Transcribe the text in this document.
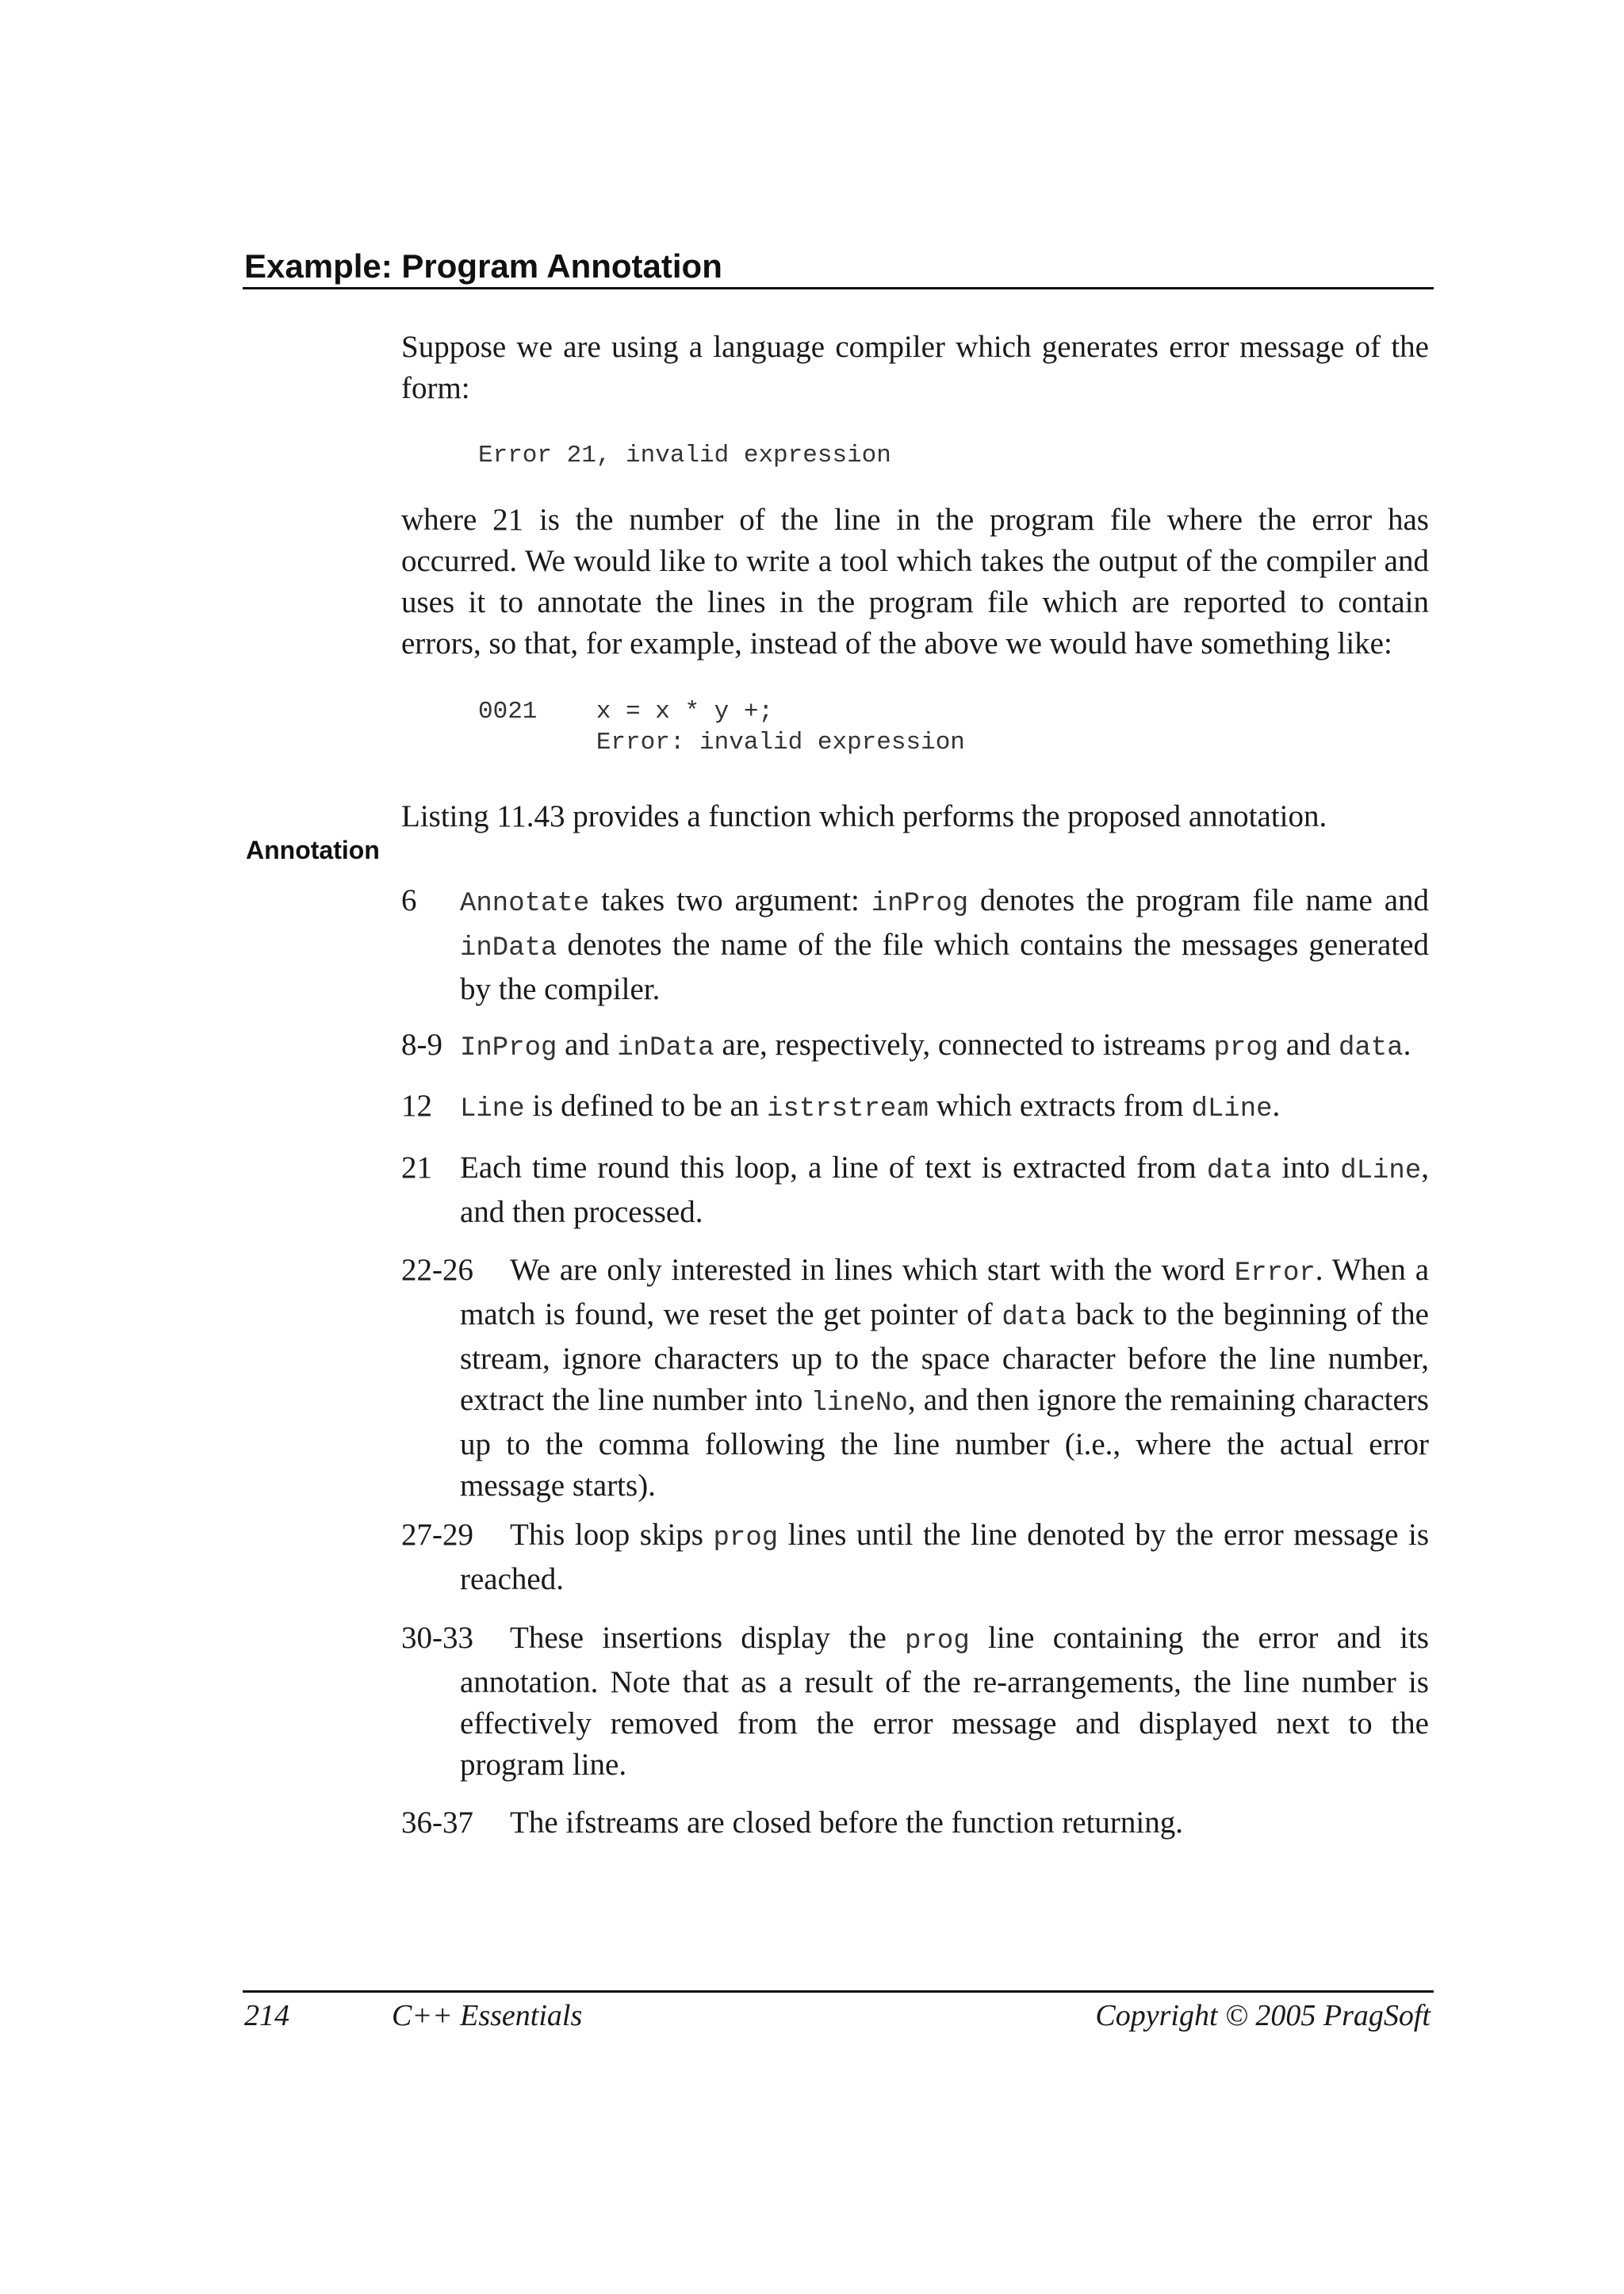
Example: Program Annotation
Suppose we are using a language compiler which generates error message of the form:
Error 21, invalid expression
where 21 is the number of the line in the program file where the error has occurred. We would like to write a tool which takes the output of the compiler and uses it to annotate the lines in the program file which are reported to contain errors, so that, for example, instead of the above we would have something like:
0021    x = x * y +;
Error: invalid expression
Listing 11.43 provides a function which performs the proposed annotation.
Annotation
6 Annotate takes two argument: inProg denotes the program file name and inData denotes the name of the file which contains the messages generated by the compiler.
8-9 InProg and inData are, respectively, connected to istreams prog and data.
12 Line is defined to be an istrstream which extracts from dLine.
21 Each time round this loop, a line of text is extracted from data into dLine, and then processed.
22-26 We are only interested in lines which start with the word Error. When a match is found, we reset the get pointer of data back to the beginning of the stream, ignore characters up to the space character before the line number, extract the line number into lineNo, and then ignore the remaining characters up to the comma following the line number (i.e., where the actual error message starts).
27-29 This loop skips prog lines until the line denoted by the error message is reached.
30-33 These insertions display the prog line containing the error and its annotation. Note that as a result of the re-arrangements, the line number is effectively removed from the error message and displayed next to the program line.
36-37 The ifstreams are closed before the function returning.
214	C++ Essentials	Copyright © 2005 PragSoft
